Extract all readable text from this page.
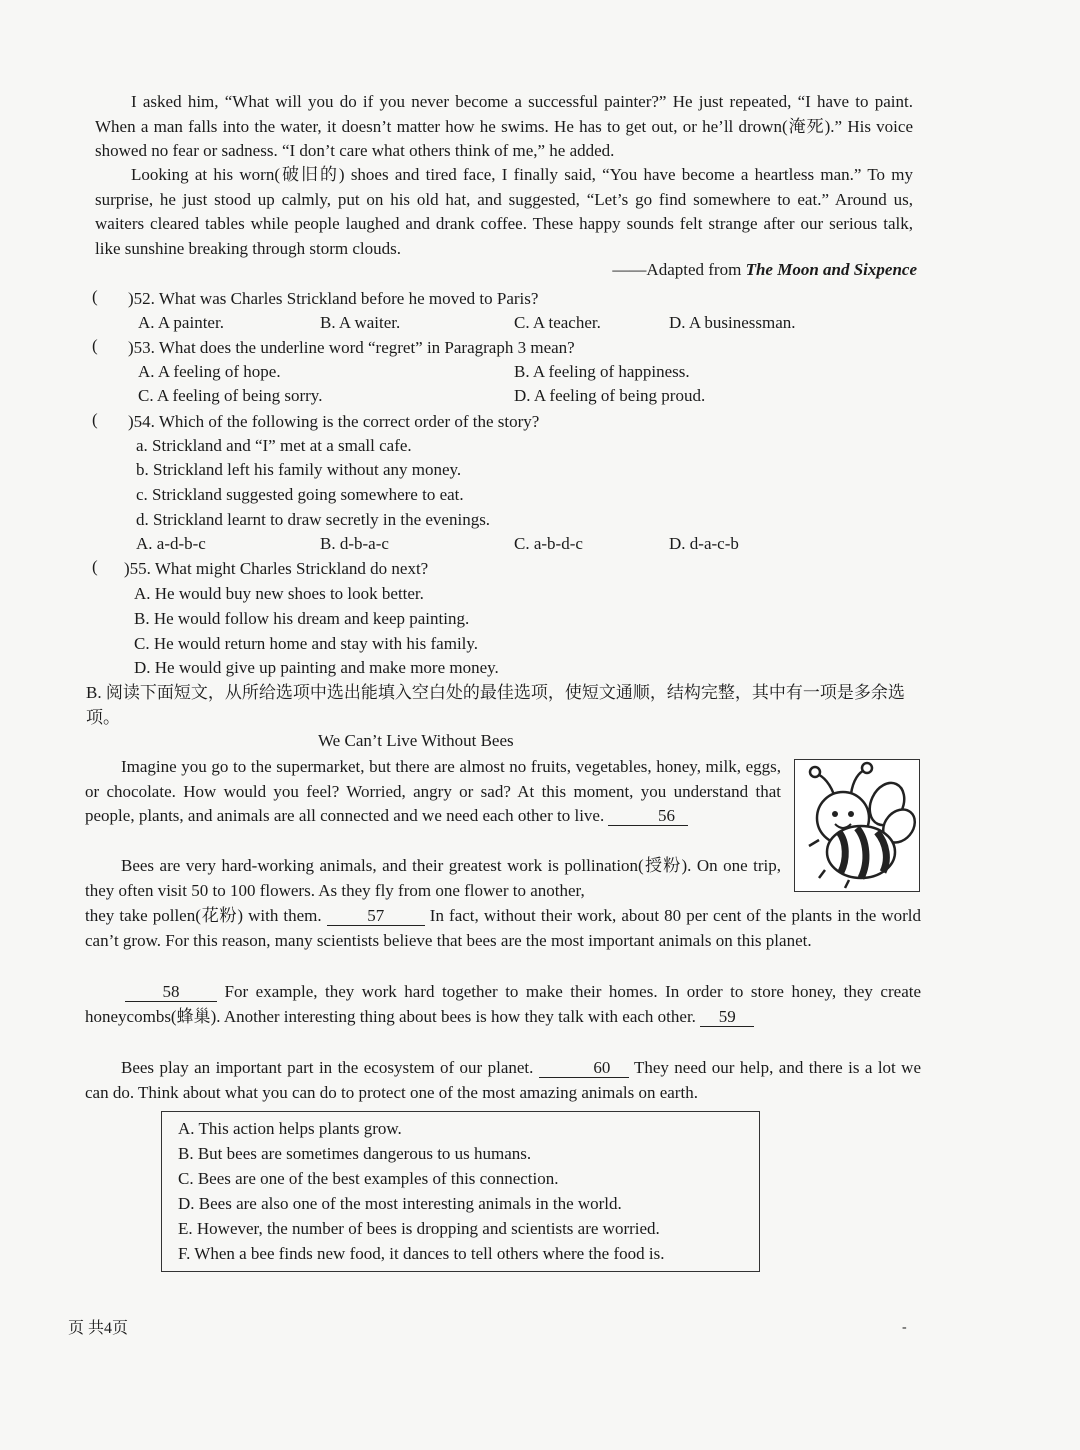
I asked him, “What will you do if you never become a successful painter?” He just repeated, “I have to paint. When a man falls into the water, it doesn’t matter how he swims. He has to get out, or he’ll drown(淹死).” His voice showed no fear or sadness. “I don’t care what others think of me,” he added.

Looking at his worn(破旧的) shoes and tired face, I finally said, “You have become a heartless man.” To my surprise, he just stood up calmly, put on his old hat, and suggested, “Let’s go find somewhere to eat.” Around us, waiters cleared tables while people laughed and drank coffee. These happy sounds felt strange after our serious talk, like sunshine breaking through storm clouds.

——Adapted from The Moon and Sixpence
( )52. What was Charles Strickland before he moved to Paris?
A. A painter.	B. A waiter.	C. A teacher.	D. A businessman.
( )53. What does the underline word “regret” in Paragraph 3 mean?
A. A feeling of hope.	B. A feeling of happiness.
C. A feeling of being sorry.	D. A feeling of being proud.
( )54. Which of the following is the correct order of the story?
a. Strickland and “I” met at a small cafe.
b. Strickland left his family without any money.
c. Strickland suggested going somewhere to eat.
d. Strickland learnt to draw secretly in the evenings.
A. a-d-b-c	B. d-b-a-c	C. a-b-d-c	D. d-a-c-b
( )55. What might Charles Strickland do next?
A. He would buy new shoes to look better.
B. He would follow his dream and keep painting.
C. He would return home and stay with his family.
D. He would give up painting and make more money.
B. 阅读下面短文，从所给选项中选出能填入空白处的最佳选项，使短文通顺，结构完整，其中有一项是多余选项。
We Can’t Live Without Bees

Imagine you go to the supermarket, but there are almost no fruits, vegetables, honey, milk, eggs, or chocolate. How would you feel? Worried, angry or sad? At this moment, you understand that people, plants, and animals are all connected and we need each other to live.	56

Bees are very hard-working animals, and their greatest work is pollination(授粉). On one trip, they often visit 50 to 100 flowers. As they fly from one flower to another,

they take pollen(花粉) with them.	57	In fact, without their work, about 80 per cent of the plants in the world can’t grow. For this reason, many scientists believe that bees are the most important animals on this planet.

58	For example, they work hard together to make their homes. In order to store honey, they create honeycombs(蜂巢). Another interesting thing about bees is how they talk with each other. 59

Bees play an important part in the ecosystem of our planet.	60 They need our help, and there is a lot we can do. Think about what you can do to protect one of the most amazing animals on earth.

A. This action helps plants grow.
B. But bees are sometimes dangerous to us humans.
C. Bees are one of the best examples of this connection.
D. Bees are also one of the most interesting animals in the world.
E. However, the number of bees is dropping and scientists are worried.
F. When a bee finds new food, it dances to tell others where the food is.
页 共4页	-
